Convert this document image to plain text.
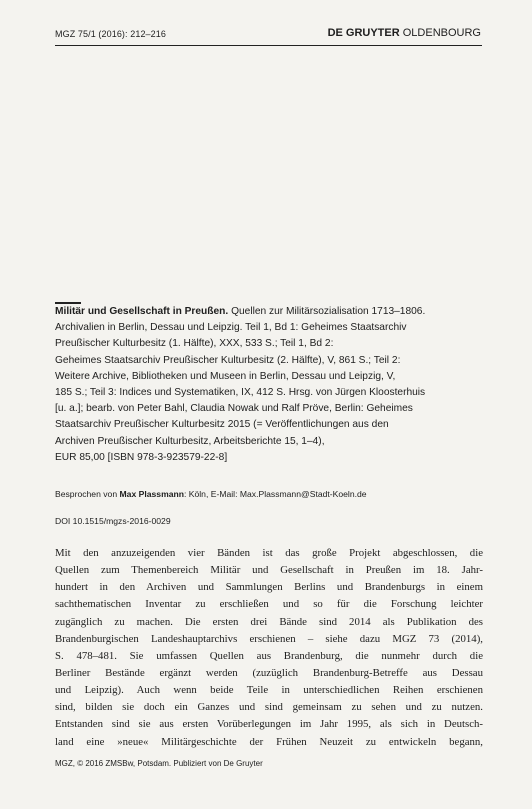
MGZ 75/1 (2016): 212–216	DE GRUYTER OLDENBOURG
Militär und Gesellschaft in Preußen. Quellen zur Militärsozialisation 1713–1806.
Archivalien in Berlin, Dessau und Leipzig. Teil 1, Bd 1: Geheimes Staatsarchiv
Preußischer Kulturbesitz (1. Hälfte), XXX, 533 S.; Teil 1, Bd 2:
Geheimes Staatsarchiv Preußischer Kulturbesitz (2. Hälfte), V, 861 S.; Teil 2:
Weitere Archive, Bibliotheken und Museen in Berlin, Dessau und Leipzig, V,
185 S.; Teil 3: Indices und Systematiken, IX, 412 S. Hrsg. von Jürgen Kloosterhuis
[u. a.]; bearb. von Peter Bahl, Claudia Nowak und Ralf Pröve, Berlin: Geheimes
Staatsarchiv Preußischer Kulturbesitz 2015 (= Veröffentlichungen aus den
Archiven Preußischer Kulturbesitz, Arbeitsberichte 15, 1–4),
EUR 85,00 [ISBN 978-3-923579-22-8]
Besprochen von Max Plassmann: Köln, E-Mail: Max.Plassmann@Stadt-Koeln.de
DOI 10.1515/mgzs-2016-0029
Mit den anzuzeigenden vier Bänden ist das große Projekt abgeschlossen, die
Quellen zum Themenbereich Militär und Gesellschaft in Preußen im 18. Jahr-
hundert in den Archiven und Sammlungen Berlins und Brandenburgs in einem
sachthematischen Inventar zu erschließen und so für die Forschung leichter
zugänglich zu machen. Die ersten drei Bände sind 2014 als Publikation des
Brandenburgischen Landeshauptarchivs erschienen – siehe dazu MGZ 73 (2014),
S. 478–481. Sie umfassen Quellen aus Brandenburg, die nunmehr durch die
Berliner Bestände ergänzt werden (zuzüglich Brandenburg-Betreffe aus Dessau
und Leipzig). Auch wenn beide Teile in unterschiedlichen Reihen erschienen
sind, bilden sie doch ein Ganzes und sind gemeinsam zu sehen und zu nutzen.
Entstanden sind sie aus ersten Vorüberlegungen im Jahr 1995, als sich in Deutsch-
land eine »neue« Militärgeschichte der Frühen Neuzeit zu entwickeln begann,
MGZ, © 2016 ZMSBw, Potsdam. Publiziert von De Gruyter
